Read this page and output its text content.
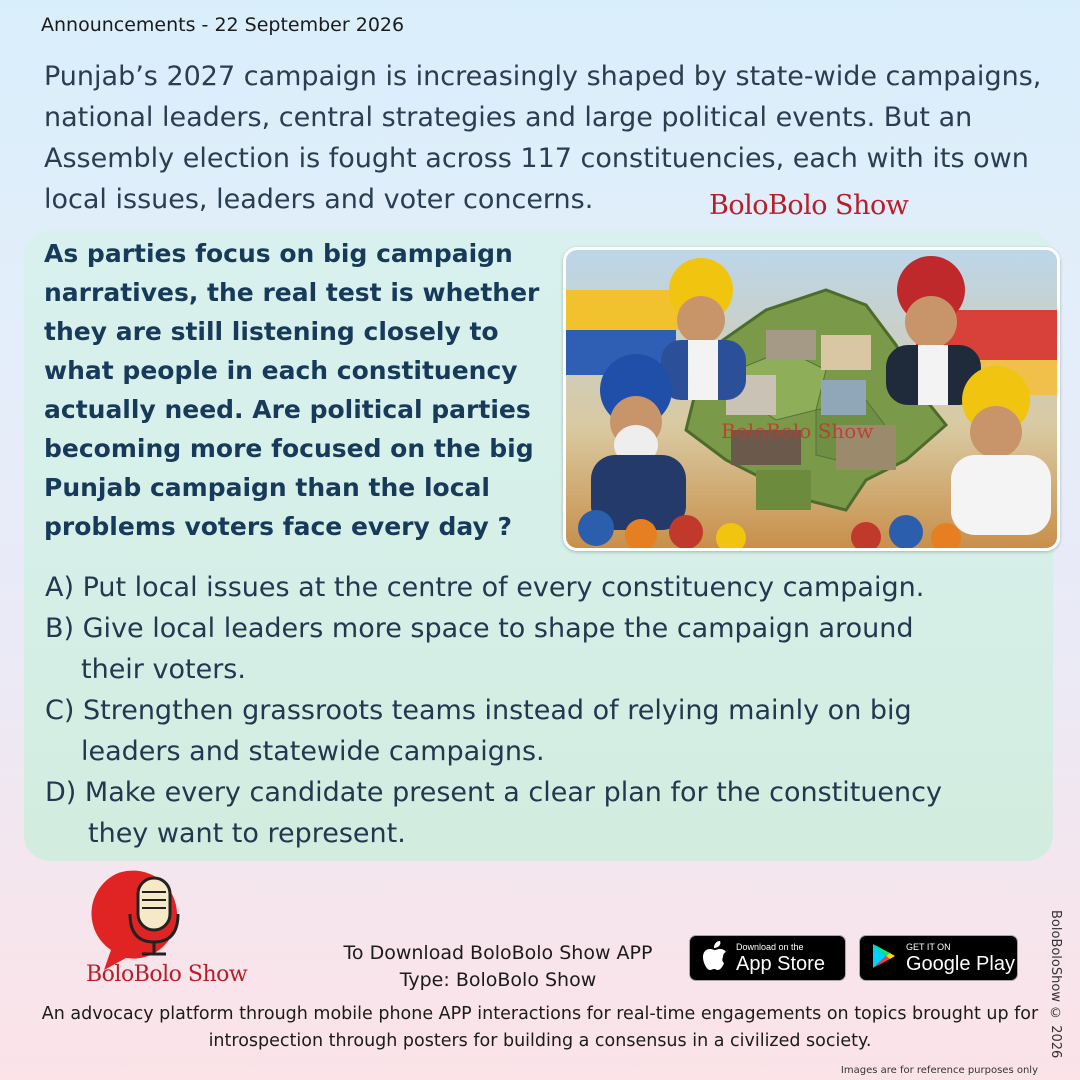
Announcements - 22 September 2026
Punjab’s 2027 campaign is increasingly shaped by state-wide campaigns, national leaders, central strategies and large political events. But an Assembly election is fought across 117 constituencies, each with its own local issues, leaders and voter concerns.	BoloBolo Show
As parties focus on big campaign narratives, the real test is whether they are still listening closely to what people in each constituency actually need. Are political parties becoming more focused on the big Punjab campaign than the local problems voters face every day ?
BoloBolo Show
A) Put local issues at the centre of every constituency campaign.
B) Give local leaders more space to shape the campaign around
their voters.
C) Strengthen grassroots teams instead of relying mainly on big
leaders and statewide campaigns.
D) Make every candidate present a clear plan for the constituency
they want to represent.
BoloBolo Show
To Download BoloBolo Show APP
Type: BoloBolo Show
Download on the
App Store
GET IT ON
Google Play
An advocacy platform through mobile phone APP interactions for real-time engagements on topics brought up for introspection through posters for building a consensus in a civilized society.	BoloBoloShow © 2026
Images are for reference purposes only
